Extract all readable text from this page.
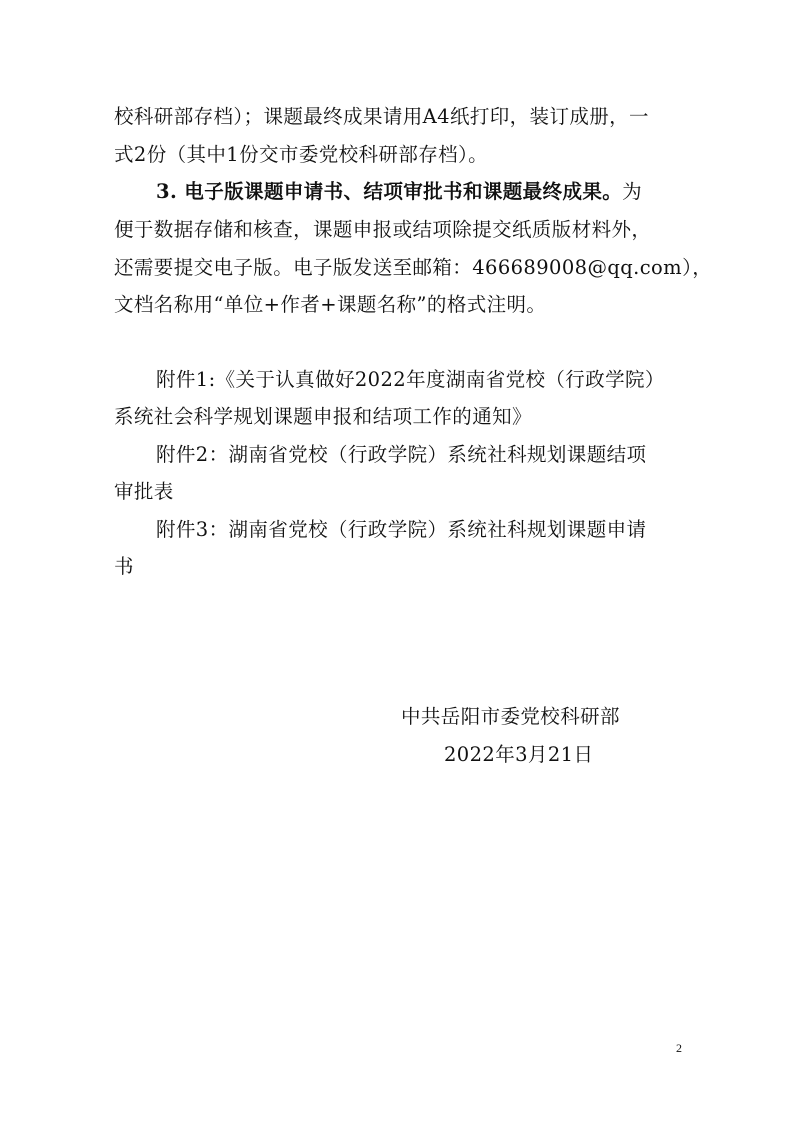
校科研部存档）；课题最终成果请用A4纸打印，装订成册，一
式2份（其中1份交市委党校科研部存档）。
3. 电子版课题申请书、结项审批书和课题最终成果。为
便于数据存储和核查，课题申报或结项除提交纸质版材料外，
还需要提交电子版。电子版发送至邮箱：466689008@qq.com），
文档名称用“单位+作者+课题名称”的格式注明。
附件1:《关于认真做好2022年度湖南省党校（行政学院）
系统社会科学规划课题申报和结项工作的通知》
附件2：湖南省党校（行政学院）系统社科规划课题结项
审批表
附件3：湖南省党校（行政学院）系统社科规划课题申请
书
中共岳阳市委党校科研部
2022年3月21日
2
